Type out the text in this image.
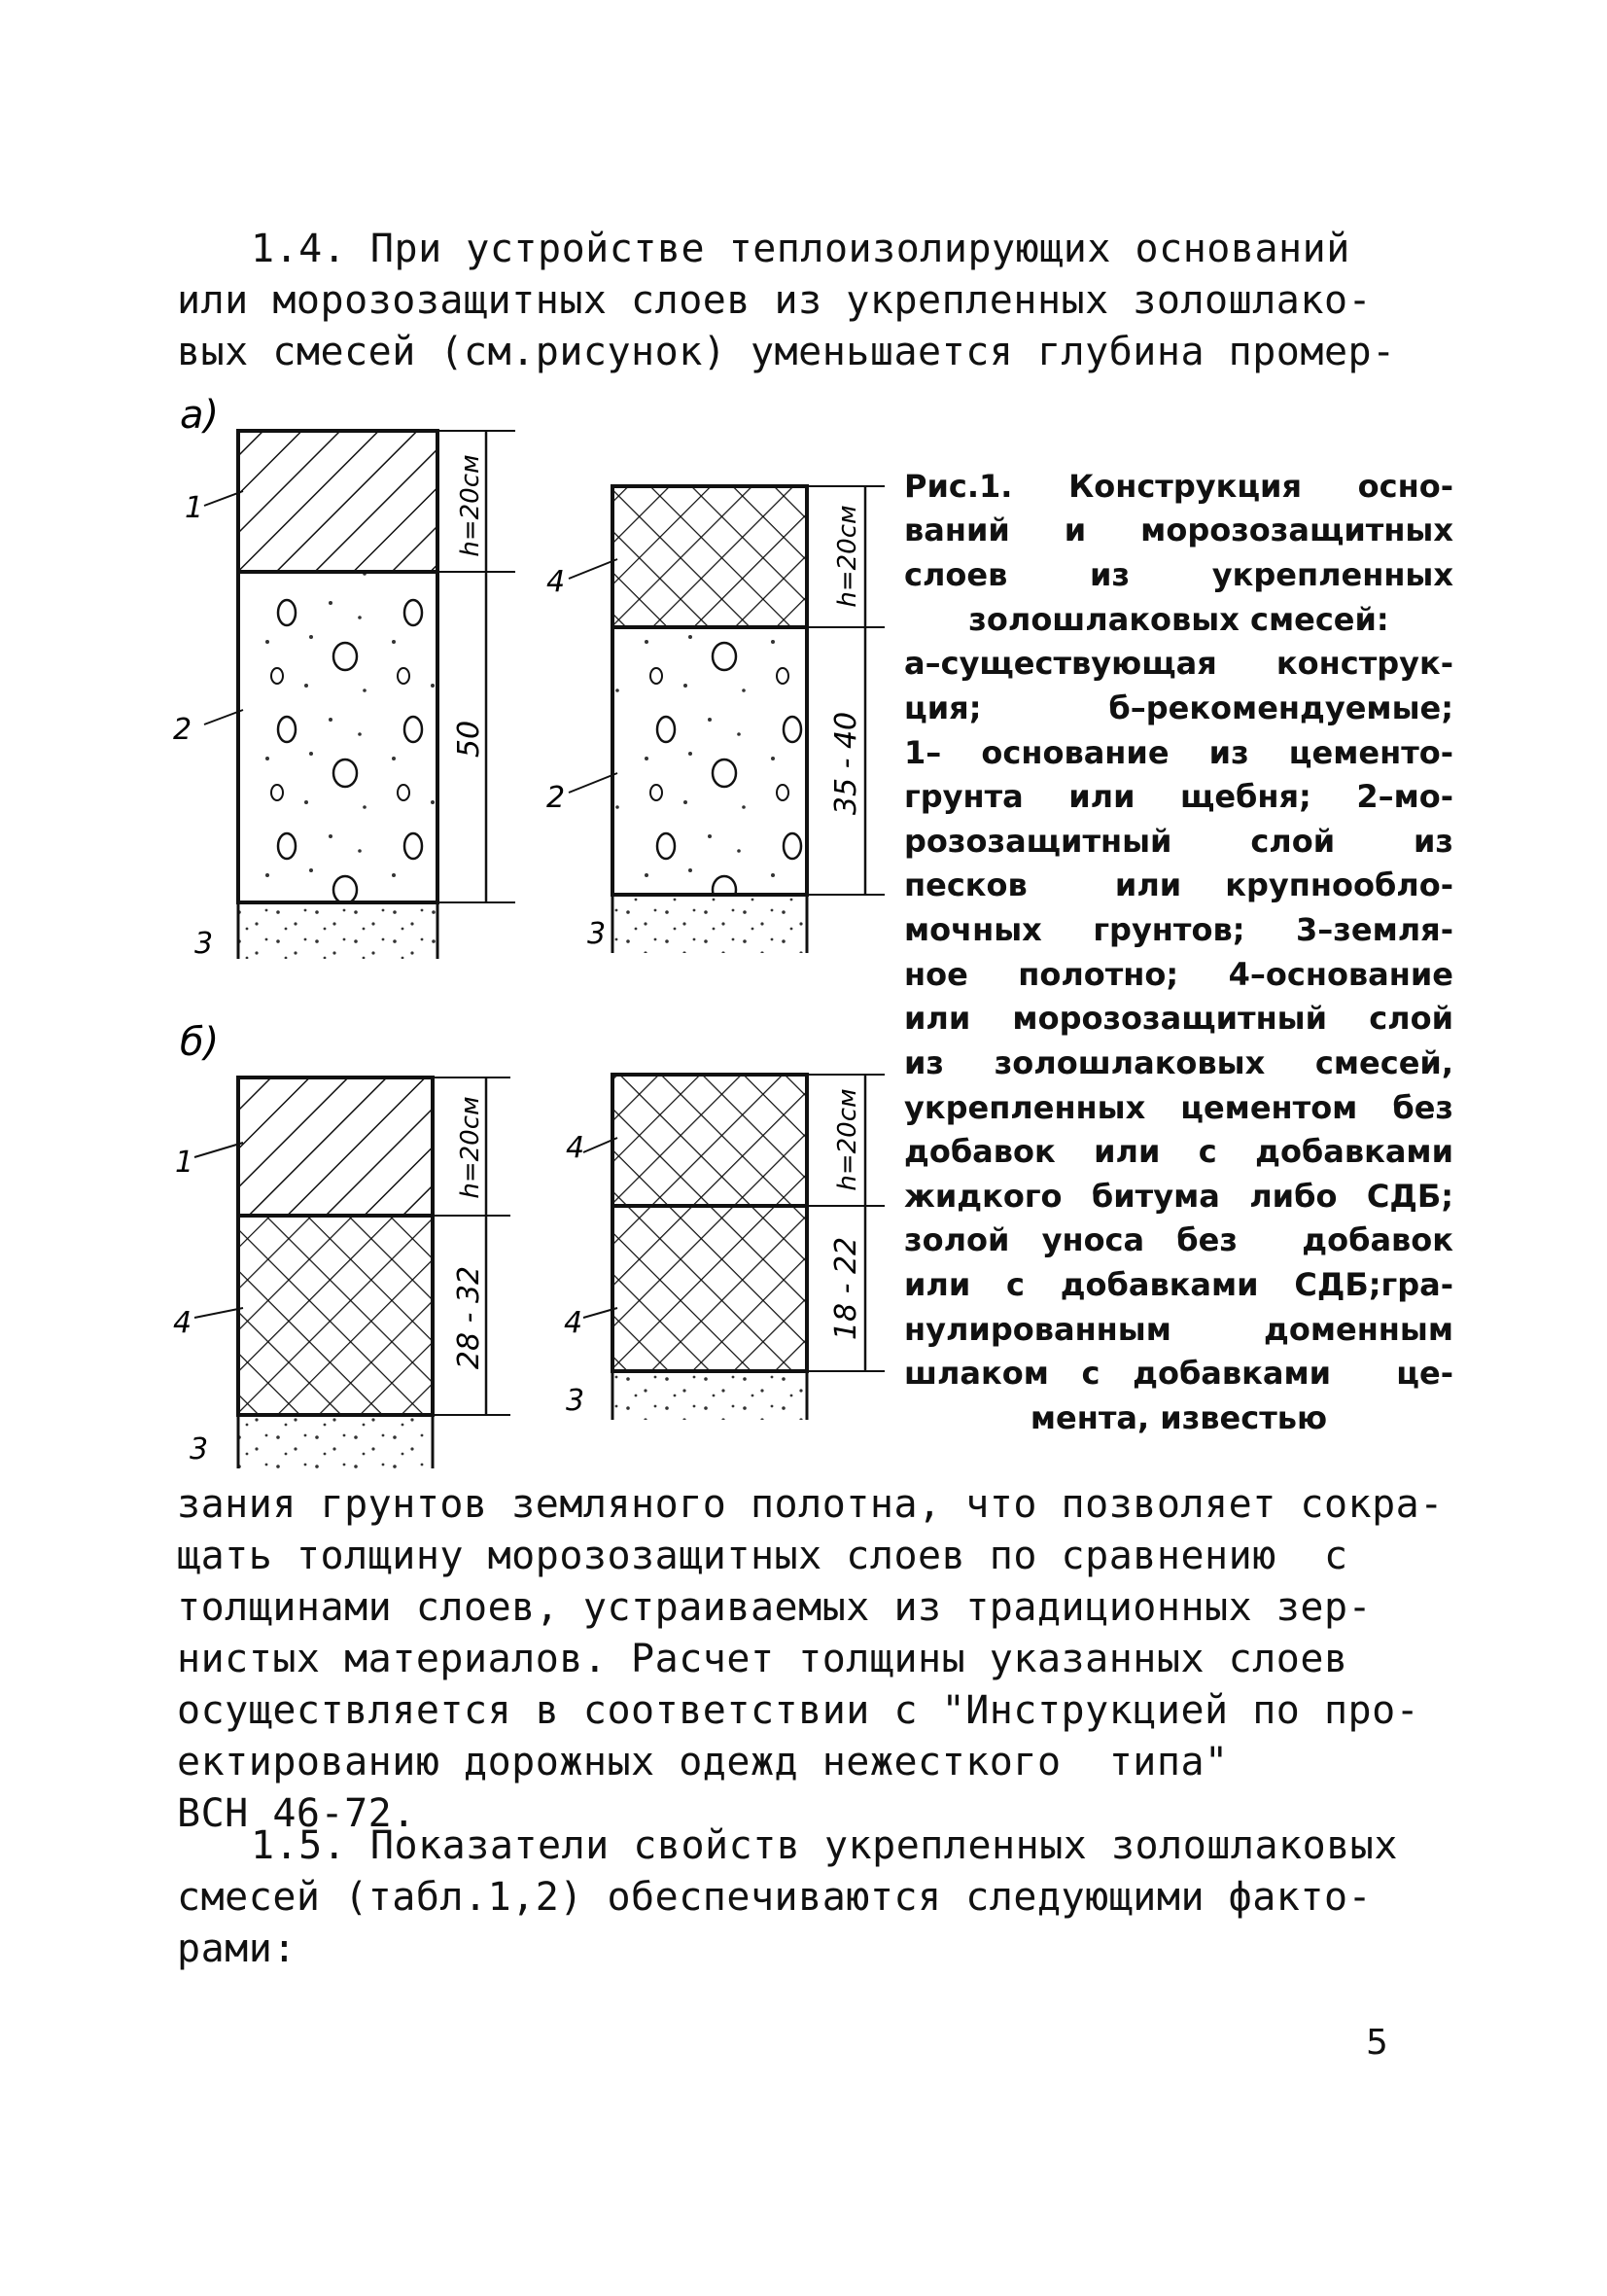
1.4. При устройстве теплоизолирующих оснований
или морозозащитных слоев из укрепленных золошлако-
вых смесей (см.рисунок) уменьшается глубина промер-
а)
б)
h=20см
50
1
2
3
h=20см
35 - 40
4
2
3
h=20см
28 - 32
1
4
3
h=20см
18 - 22
4
4
3
Рис.1. Конструкция осно-
ваний и морозозащитных
слоев  из  укрепленных
золошлаковых смесей:
а–существующая конструк-
ция;  б–рекомендуемые;
1– основание из цементо-
грунта или щебня; 2–мо-
розозащитный  слой  из
песков  или крупнообло-
мочных грунтов; 3–земля-
ное полотно; 4–основание
или морозозащитный слой
из золошлаковых смесей,
укрепленных цементом без
добавок или с добавками
жидкого битума либо СДБ;
золой уноса без  добавок
или с добавками СДБ;гра-
нулированным  доменным
шлаком с добавками  це-
мента, известью
зания грунтов земляного полотна, что позволяет сокра-
щать толщину морозозащитных слоев по сравнению  с
толщинами слоев, устраиваемых из традиционных зер-
нистых материалов. Расчет толщины указанных слоев
осуществляется в соответствии с "Инструкцией по про-
ектированию дорожных одежд нежесткого  типа"
ВСН 46-72.
1.5. Показатели свойств укрепленных золошлаковых
смесей (табл.1,2) обеспечиваются следующими факто-
рами:
5
